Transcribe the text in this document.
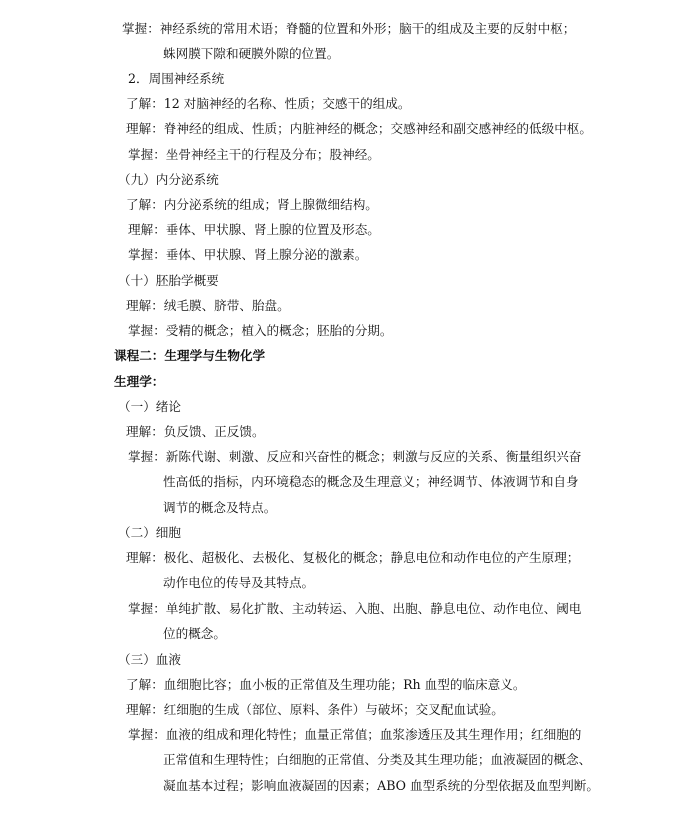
掌握：神经系统的常用术语；脊髓的位置和外形；脑干的组成及主要的反射中枢；
蛛网膜下隙和硬膜外隙的位置。
2．周围神经系统
了解：12 对脑神经的名称、性质；交感干的组成。
理解：脊神经的组成、性质；内脏神经的概念；交感神经和副交感神经的低级中枢。
掌握：坐骨神经主干的行程及分布；股神经。
（九）内分泌系统
了解：内分泌系统的组成；肾上腺微细结构。
理解：垂体、甲状腺、肾上腺的位置及形态。
掌握：垂体、甲状腺、肾上腺分泌的激素。
（十）胚胎学概要
理解：绒毛膜、脐带、胎盘。
掌握：受精的概念；植入的概念；胚胎的分期。
课程二：生理学与生物化学
生理学：
（一）绪论
理解：负反馈、正反馈。
掌握：新陈代谢、刺激、反应和兴奋性的概念；刺激与反应的关系、衡量组织兴奋
性高低的指标，内环境稳态的概念及生理意义；神经调节、体液调节和自身
调节的概念及特点。
（二）细胞
理解：极化、超极化、去极化、复极化的概念；静息电位和动作电位的产生原理；
动作电位的传导及其特点。
掌握：单纯扩散、易化扩散、主动转运、入胞、出胞、静息电位、动作电位、阈电
位的概念。
（三）血液
了解：血细胞比容；血小板的正常值及生理功能；Rh 血型的临床意义。
理解：红细胞的生成（部位、原料、条件）与破坏；交叉配血试验。
掌握：血液的组成和理化特性；血量正常值；血浆渗透压及其生理作用；红细胞的
正常值和生理特性；白细胞的正常值、分类及其生理功能；血液凝固的概念、
凝血基本过程；影响血液凝固的因素；ABO 血型系统的分型依据及血型判断。
